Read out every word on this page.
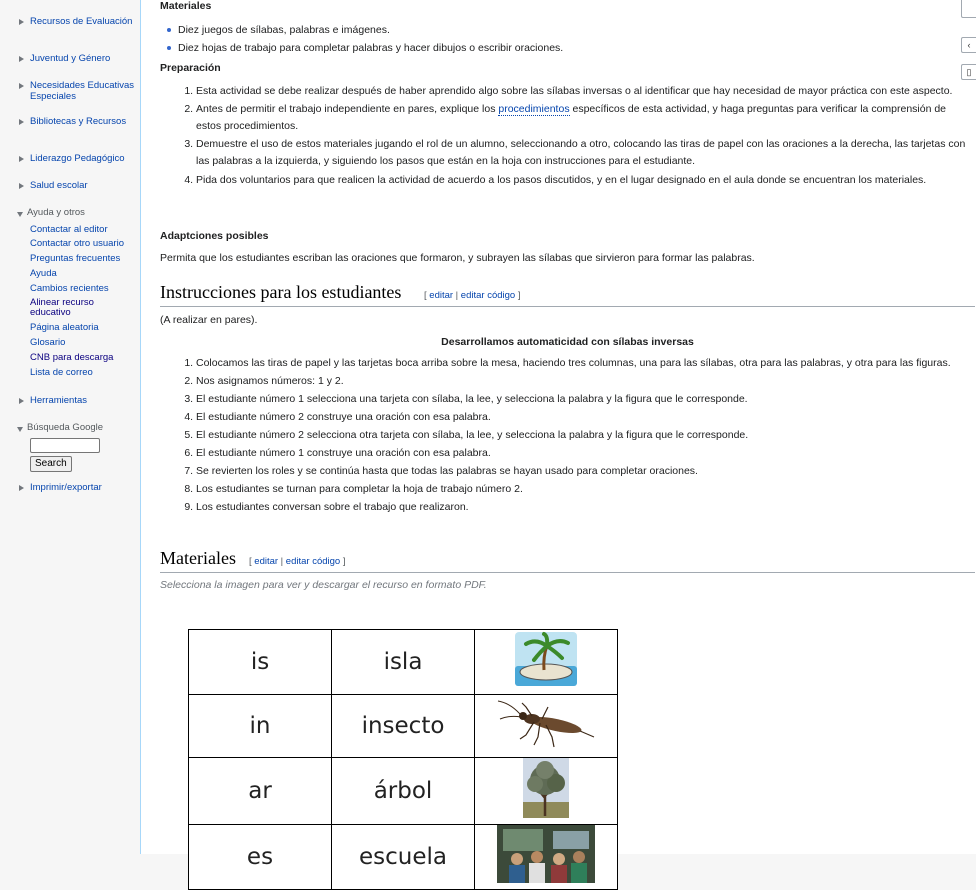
Recursos de Evaluación
Juventud y Género
Necesidades Educativas Especiales
Bibliotecas y Recursos
Liderazgo Pedagógico
Salud escolar
Ayuda y otros
Contactar al editor
Contactar otro usuario
Preguntas frecuentes
Ayuda
Cambios recientes
Alinear recurso educativo
Página aleatoria
Glosario
CNB para descarga
Lista de correo
Herramientas
Búsqueda Google
Search
Imprimir/exportar
‹
▯
Materiales
Diez juegos de sílabas, palabras e imágenes.
Diez hojas de trabajo para completar palabras y hacer dibujos o escribir oraciones.
Preparación
1. Esta actividad se debe realizar después de haber aprendido algo sobre las sílabas inversas o al identificar que hay necesidad de mayor práctica con este aspecto.
2. Antes de permitir el trabajo independiente en pares, explique los procedimientos específicos de esta actividad, y haga preguntas para verificar la comprensión de estos procedimientos.
3. Demuestre el uso de estos materiales jugando el rol de un alumno, seleccionando a otro, colocando las tiras de papel con las oraciones a la derecha, las tarjetas con las palabras a la izquierda, y siguiendo los pasos que están en la hoja con instrucciones para el estudiante.
4. Pida dos voluntarios para que realicen la actividad de acuerdo a los pasos discutidos, y en el lugar designado en el aula donde se encuentran los materiales.
Adaptciones posibles
Permita que los estudiantes escriban las oraciones que formaron, y subrayen las sílabas que sirvieron para formar las palabras.
Instrucciones para los estudiantes [ editar | editar código ]
(A realizar en pares).
Desarrollamos automaticidad con sílabas inversas
1. Colocamos las tiras de papel y las tarjetas boca arriba sobre la mesa, haciendo tres columnas, una para las sílabas, otra para las palabras, y otra para las figuras.
2. Nos asignamos números: 1 y 2.
3. El estudiante número 1 selecciona una tarjeta con sílaba, la lee, y selecciona la palabra y la figura que le corresponde.
4. El estudiante número 2 construye una oración con esa palabra.
5. El estudiante número 2 selecciona otra tarjeta con sílaba, la lee, y selecciona la palabra y la figura que le corresponde.
6. El estudiante número 1 construye una oración con esa palabra.
7. Se revierten los roles y se continúa hasta que todas las palabras se hayan usado para completar oraciones.
8. Los estudiantes se turnan para completar la hoja de trabajo número 2.
9. Los estudiantes conversan sobre el trabajo que realizaron.
Materiales [ editar | editar código ]
Selecciona la imagen para ver y descargar el recurso en formato PDF.
is	isla	
in	insecto	
ar	árbol	
es	escuela	
